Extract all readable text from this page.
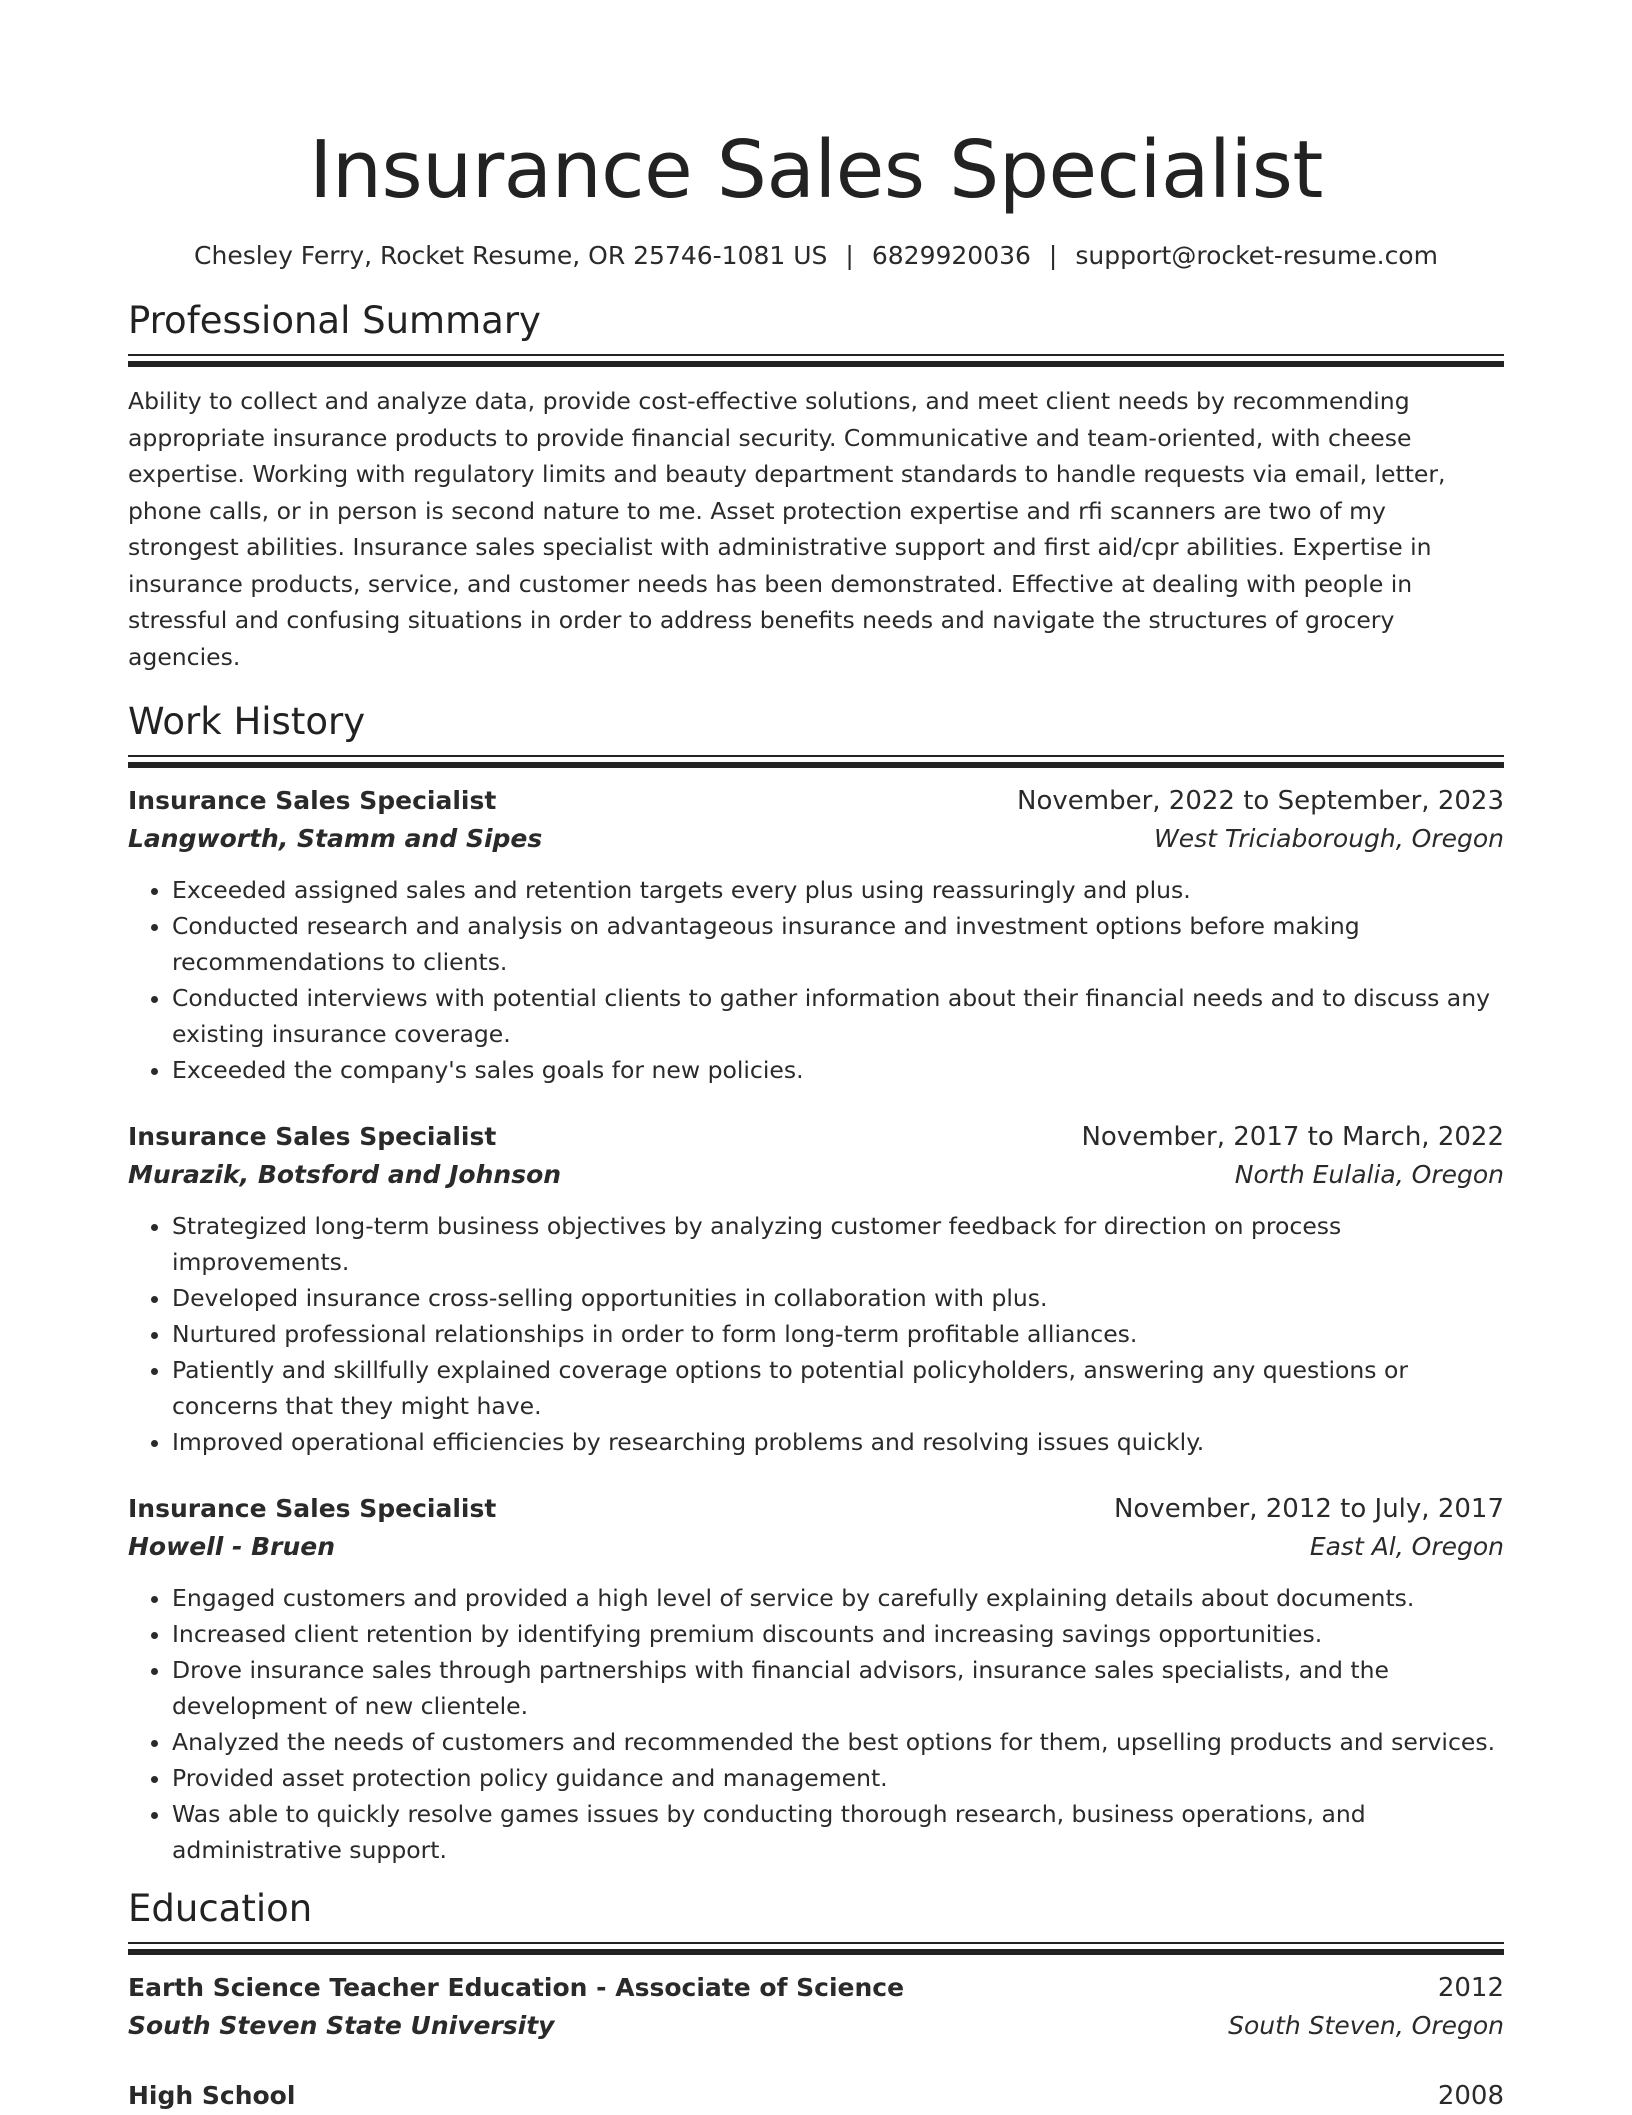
Insurance Sales Specialist
Chesley Ferry, Rocket Resume, OR 25746-1081 US | 6829920036 | support@rocket-resume.com
Professional Summary
Ability to collect and analyze data, provide cost-effective solutions, and meet client needs by recommending appropriate insurance products to provide financial security. Communicative and team-oriented, with cheese expertise. Working with regulatory limits and beauty department standards to handle requests via email, letter, phone calls, or in person is second nature to me. Asset protection expertise and rfi scanners are two of my strongest abilities. Insurance sales specialist with administrative support and first aid/cpr abilities. Expertise in insurance products, service, and customer needs has been demonstrated. Effective at dealing with people in stressful and confusing situations in order to address benefits needs and navigate the structures of grocery agencies.
Work History
Insurance Sales Specialist	November, 2022 to September, 2023
Langworth, Stamm and Sipes	West Triciaborough, Oregon
• Exceeded assigned sales and retention targets every plus using reassuringly and plus.
• Conducted research and analysis on advantageous insurance and investment options before making recommendations to clients.
• Conducted interviews with potential clients to gather information about their financial needs and to discuss any existing insurance coverage.
• Exceeded the company's sales goals for new policies.
Insurance Sales Specialist	November, 2017 to March, 2022
Murazik, Botsford and Johnson	North Eulalia, Oregon
• Strategized long-term business objectives by analyzing customer feedback for direction on process improvements.
• Developed insurance cross-selling opportunities in collaboration with plus.
• Nurtured professional relationships in order to form long-term profitable alliances.
• Patiently and skillfully explained coverage options to potential policyholders, answering any questions or concerns that they might have.
• Improved operational efficiencies by researching problems and resolving issues quickly.
Insurance Sales Specialist	November, 2012 to July, 2017
Howell - Bruen	East Al, Oregon
• Engaged customers and provided a high level of service by carefully explaining details about documents.
• Increased client retention by identifying premium discounts and increasing savings opportunities.
• Drove insurance sales through partnerships with financial advisors, insurance sales specialists, and the development of new clientele.
• Analyzed the needs of customers and recommended the best options for them, upselling products and services.
• Provided asset protection policy guidance and management.
• Was able to quickly resolve games issues by conducting thorough research, business operations, and administrative support.
Education
Earth Science Teacher Education - Associate of Science	2012
South Steven State University	South Steven, Oregon
High School	2008
